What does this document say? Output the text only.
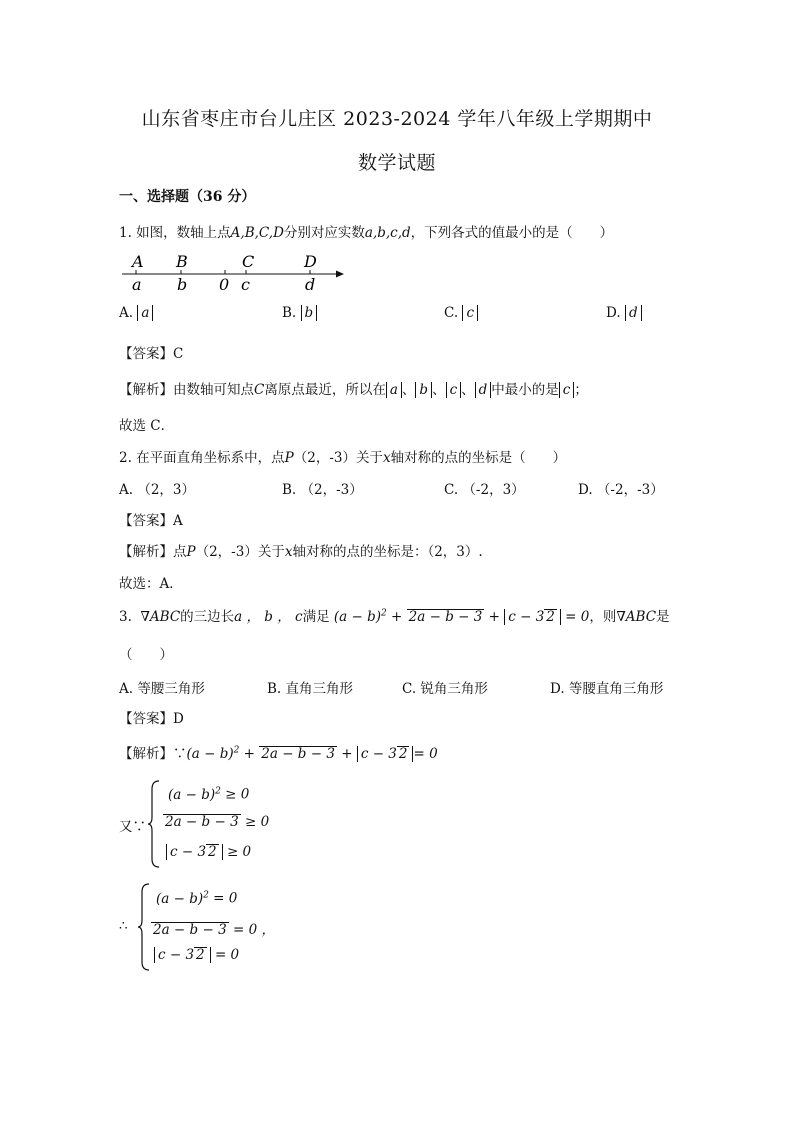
山东省枣庄市台儿庄区 2023-2024 学年八年级上学期期中
数学试题
一、选择题（36 分）
1. 如图，数轴上点A,B,C,D分别对应实数a,b,c,d，下列各式的值最小的是（　　）
A B	C	D
a b 0 c	d
A. a	B. b	C. c	D. d
【答案】C
【解析】由数轴可知点C离原点最近，所以在 a 、 b 、 c 、 d 中最小的是 c ；
故选 C．
2. 在平面直角坐标系中，点P（2，-3）关于x轴对称的点的坐标是（　　）
A. （2，3）	B. （2，-3）	C. （-2，3）	D. （-2，-3）
【答案】A
【解析】点P（2，-3）关于x轴对称的点的坐标是：（2，3）.
故选：A．
3. ∇ABC的三边长a ， b ， c满足 $(a - b)^2 + 2a - b - 3 + c - 3$ 2 = 0，则∇ABC是
（　　）
A. 等腰三角形	B. 直角三角形	C. 锐角三角形	D. 等腰直角三角形
【答案】D
【解析】∵(a − b)$^2$ + 2a − b − 3 + c − 3 2 = 0
又∵
$(a - b)^2 \ge 0$
2a − b − 3 ≥ 0
c − 3 2 ≥ 0
∴
$(a - b)^2 = 0$
2a − b − 3 = 0 ，
c − 3 2 = 0
